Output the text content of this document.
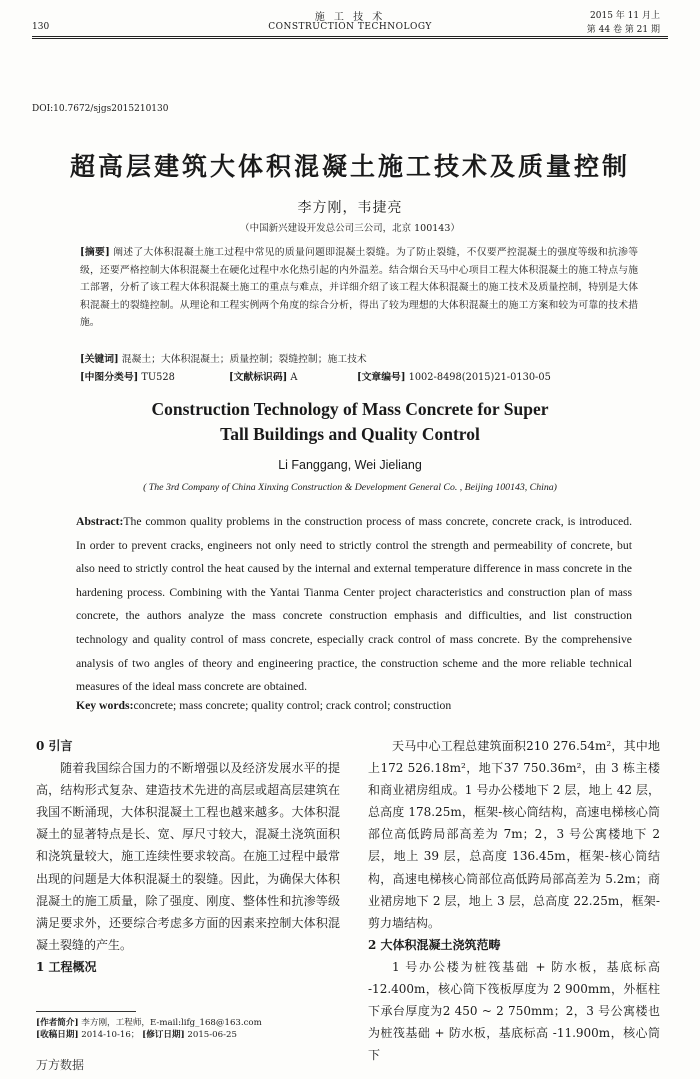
施 工 技 术
CONSTRUCTION TECHNOLOGY
130
2015 年 11 月上
第 44 卷 第 21 期
DOI:10.7672/sjgs2015210130
超高层建筑大体积混凝土施工技术及质量控制
李方刚，韦捷亮
（中国新兴建设开发总公司三公司，北京 100143）
[摘要] 阐述了大体积混凝土施工过程中常见的质量问题即混凝土裂缝。为了防止裂缝，不仅要严控混凝土的强度等级和抗渗等级，还要严格控制大体积混凝土在硬化过程中水化热引起的内外温差。结合烟台天马中心项目工程大体积混凝土的施工特点与施工部署，分析了该工程大体积混凝土施工的重点与难点，并详细介绍了该工程大体积混凝土的施工技术及质量控制，特别是大体积混凝土的裂缝控制。从理论和工程实例两个角度的综合分析，得出了较为理想的大体积混凝土的施工方案和较为可靠的技术措施。
[关键词] 混凝土；大体积混凝土；质量控制；裂缝控制；施工技术
[中图分类号] TU528	[文献标识码] A	[文章编号] 1002-8498(2015)21-0130-05
Construction Technology of Mass Concrete for Super
Tall Buildings and Quality Control
Li Fanggang, Wei Jieliang
( The 3rd Company of China Xinxing Construction & Development General Co. , Beijing 100143, China)
Abstract:The common quality problems in the construction process of mass concrete, concrete crack, is introduced. In order to prevent cracks, engineers not only need to strictly control the strength and permeability of concrete, but also need to strictly control the heat caused by the internal and external temperature difference in mass concrete in the hardening process. Combining with the Yantai Tianma Center project characteristics and construction plan of mass concrete, the authors analyze the mass concrete construction emphasis and difficulties, and list construction technology and quality control of mass concrete, especially crack control of mass concrete. By the comprehensive analysis of two angles of theory and engineering practice, the construction scheme and the more reliable technical measures of the ideal mass concrete are obtained.
Key words:concrete; mass concrete; quality control; crack control; construction

0 引言

随着我国综合国力的不断增强以及经济发展水平的提高，结构形式复杂、建造技术先进的高层或超高层建筑在我国不断涌现，大体积混凝土工程也越来越多。大体积混凝土的显著特点是长、宽、厚尺寸较大，混凝土浇筑面积和浇筑量较大，施工连续性要求较高。在施工过程中最常出现的问题是大体积混凝土的裂缝。因此，为确保大体积混凝土的施工质量，除了强度、刚度、整体性和抗渗等级满足要求外，还要综合考虑多方面的因素来控制大体积混凝土裂缝的产生。

1 工程概况

天马中心工程总建筑面积210 276.54m²，其中地上172 526.18m²，地下37 750.36m²，由 3 栋主楼和商业裙房组成。1 号办公楼地下 2 层，地上 42 层，总高度 178.25m，框架-核心筒结构，高速电梯核心筒部位高低跨局部高差为 7m；2，3 号公寓楼地下 2 层，地上 39 层，总高度 136.45m，框架-核心筒结构，高速电梯核心筒部位高低跨局部高差为 5.2m；商业裙房地下 2 层，地上 3 层，总高度 22.25m，框架-剪力墙结构。

2 大体积混凝土浇筑范畴

1 号办公楼为桩筏基础 + 防水板，基底标高 -12.400m，核心筒下筏板厚度为 2 900mm，外框柱下承台厚度为2 450 ~ 2 750mm；2，3 号公寓楼也为桩筏基础 + 防水板，基底标高 -11.900m，核心筒下

[作者简介] 李方刚，工程师，E-mail:lifg_168@163.com
[收稿日期] 2014-10-16； [修订日期] 2015-06-25
万方数据
